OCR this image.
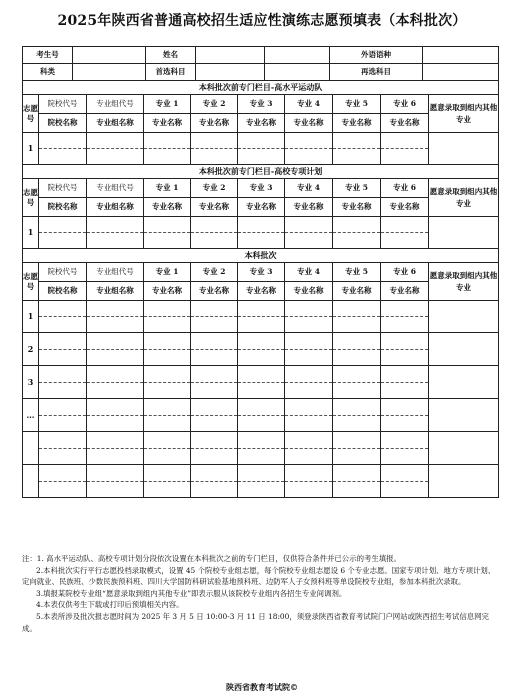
2025年陕西省普通高校招生适应性演练志愿预填表（本科批次）
考生号		姓名			外语语种	
科类		首选科目			再选科目	
本科批次前专门栏目-高水平运动队									
志愿号	院校代号	专业组代号	专业 1	专业 2	专业 3	专业 4	专业 5	专业 6	愿意录取到组内其他专业
	院校名称	专业组名称	专业名称	专业名称	专业名称	专业名称	专业名称	专业名称	
1									

本科批次前专门栏目-高校专项计划									
志愿号	院校代号	专业组代号	专业 1	专业 2	专业 3	专业 4	专业 5	专业 6	愿意录取到组内其他专业
	院校名称	专业组名称	专业名称	专业名称	专业名称	专业名称	专业名称	专业名称	
1									

本科批次									
志愿号	院校代号	专业组代号	专业 1	专业 2	专业 3	专业 4	专业 5	专业 6	愿意录取到组内其他专业
	院校名称	专业组名称	专业名称	专业名称	专业名称	专业名称	专业名称	专业名称	
1									

2									

3									

…									

注：1. 高水平运动队、高校专项计划分段依次设置在本科批次之前的专门栏目，仅供符合条件并已公示的考生填报。

2.本科批次实行平行志愿投档录取模式，设置 45 个院校专业组志愿，每个院校专业组志愿设 6 个专业志愿。国家专项计划、地方专项计划、定向就业、民族班、少数民族预科班、四川大学国防科研试验基地预科班、边防军人子女预科班等单设院校专业组，参加本科批次录取。

3.填报某院校专业组“愿意录取到组内其他专业”即表示服从该院校专业组内各招生专业间调剂。

4.本表仅供考生下载或打印后预填相关内容。

5.本表所涉及批次报志愿时间为 2025 年 3 月 5 日 10:00-3 月 11 日 18:00，须登录陕西省教育考试院门户网站或陕西招生考试信息网完成。

陕西省教育考试院©
